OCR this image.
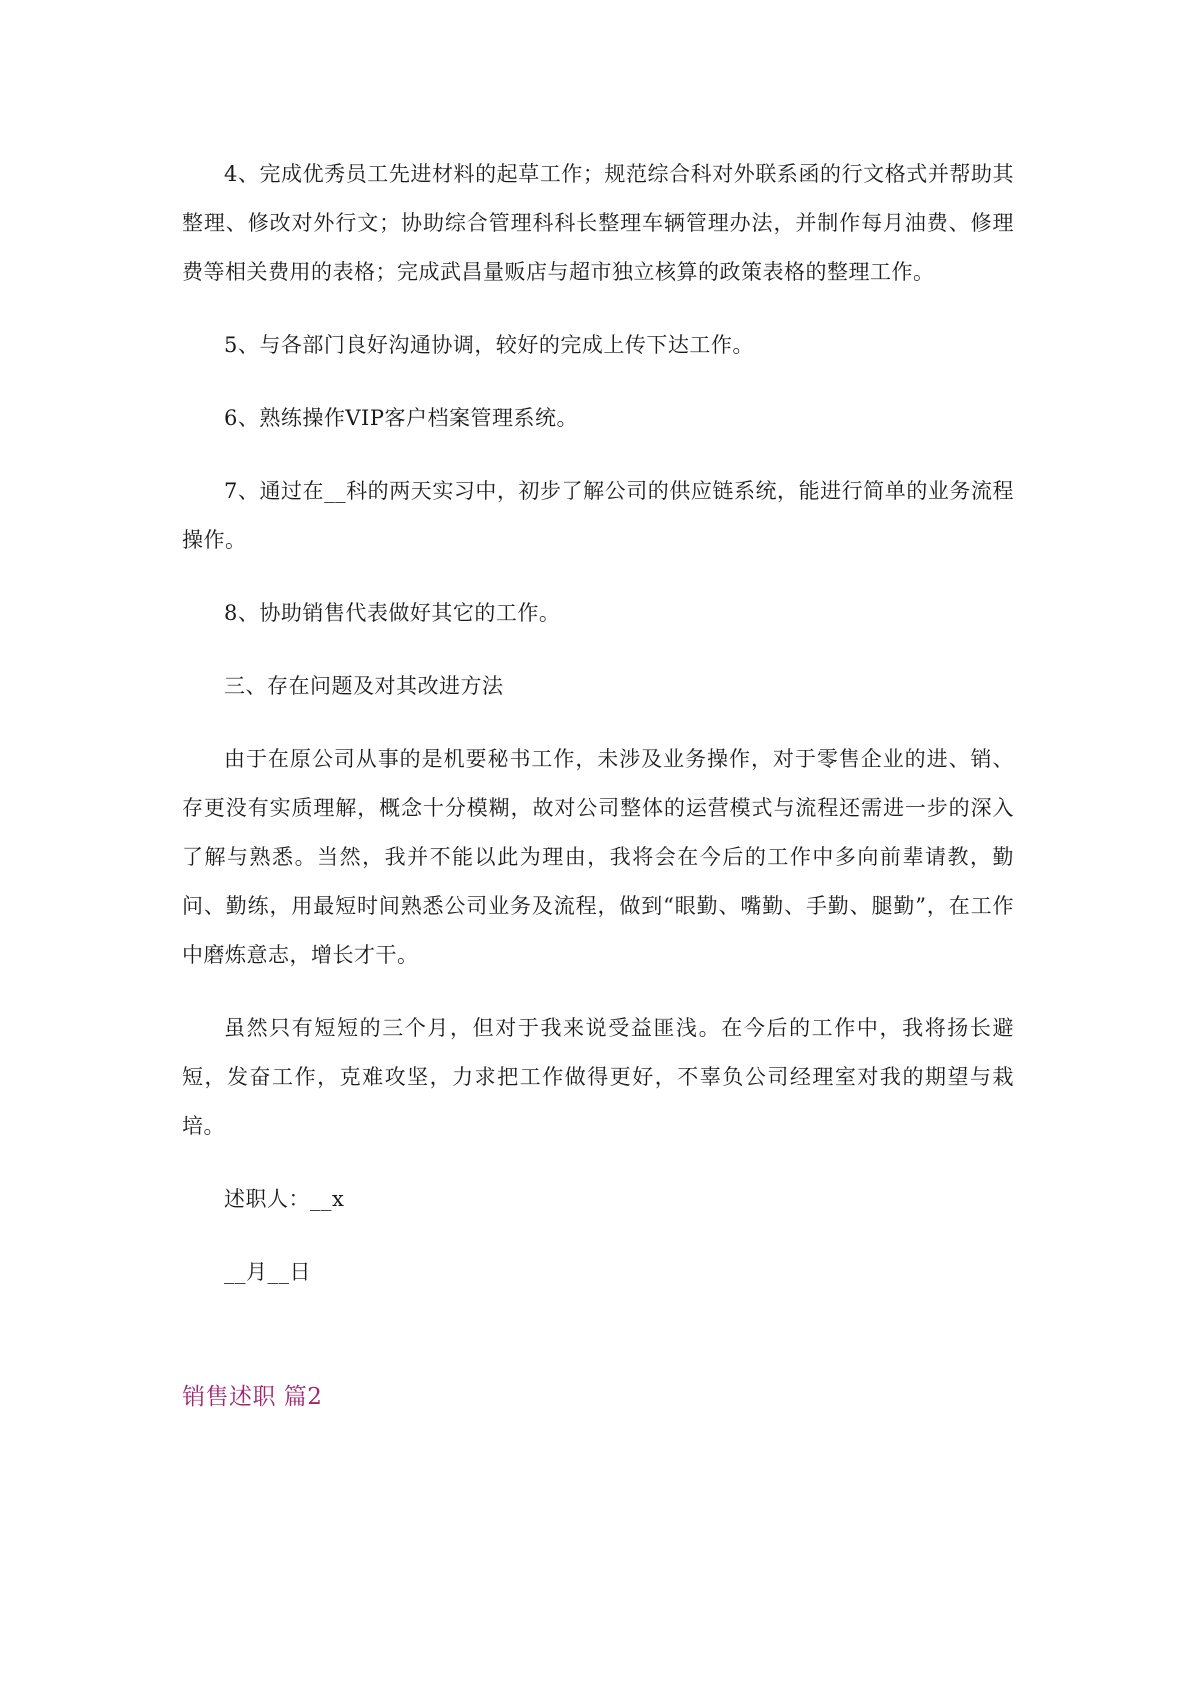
4、完成优秀员工先进材料的起草工作；规范综合科对外联系函的行文格式并帮助其整理、修改对外行文；协助综合管理科科长整理车辆管理办法，并制作每月油费、修理费等相关费用的表格；完成武昌量贩店与超市独立核算的政策表格的整理工作。

5、与各部门良好沟通协调，较好的完成上传下达工作。

6、熟练操作VIP客户档案管理系统。

7、通过在__科的两天实习中，初步了解公司的供应链系统，能进行简单的业务流程操作。

8、协助销售代表做好其它的工作。

三、存在问题及对其改进方法

由于在原公司从事的是机要秘书工作，未涉及业务操作，对于零售企业的进、销、存更没有实质理解，概念十分模糊，故对公司整体的运营模式与流程还需进一步的深入了解与熟悉。当然，我并不能以此为理由，我将会在今后的工作中多向前辈请教，勤问、勤练，用最短时间熟悉公司业务及流程，做到“眼勤、嘴勤、手勤、腿勤”，在工作中磨炼意志，增长才干。

虽然只有短短的三个月，但对于我来说受益匪浅。在今后的工作中，我将扬长避短，发奋工作，克难攻坚，力求把工作做得更好，不辜负公司经理室对我的期望与栽培。

述职人：__x

__月__日

销售述职 篇2
